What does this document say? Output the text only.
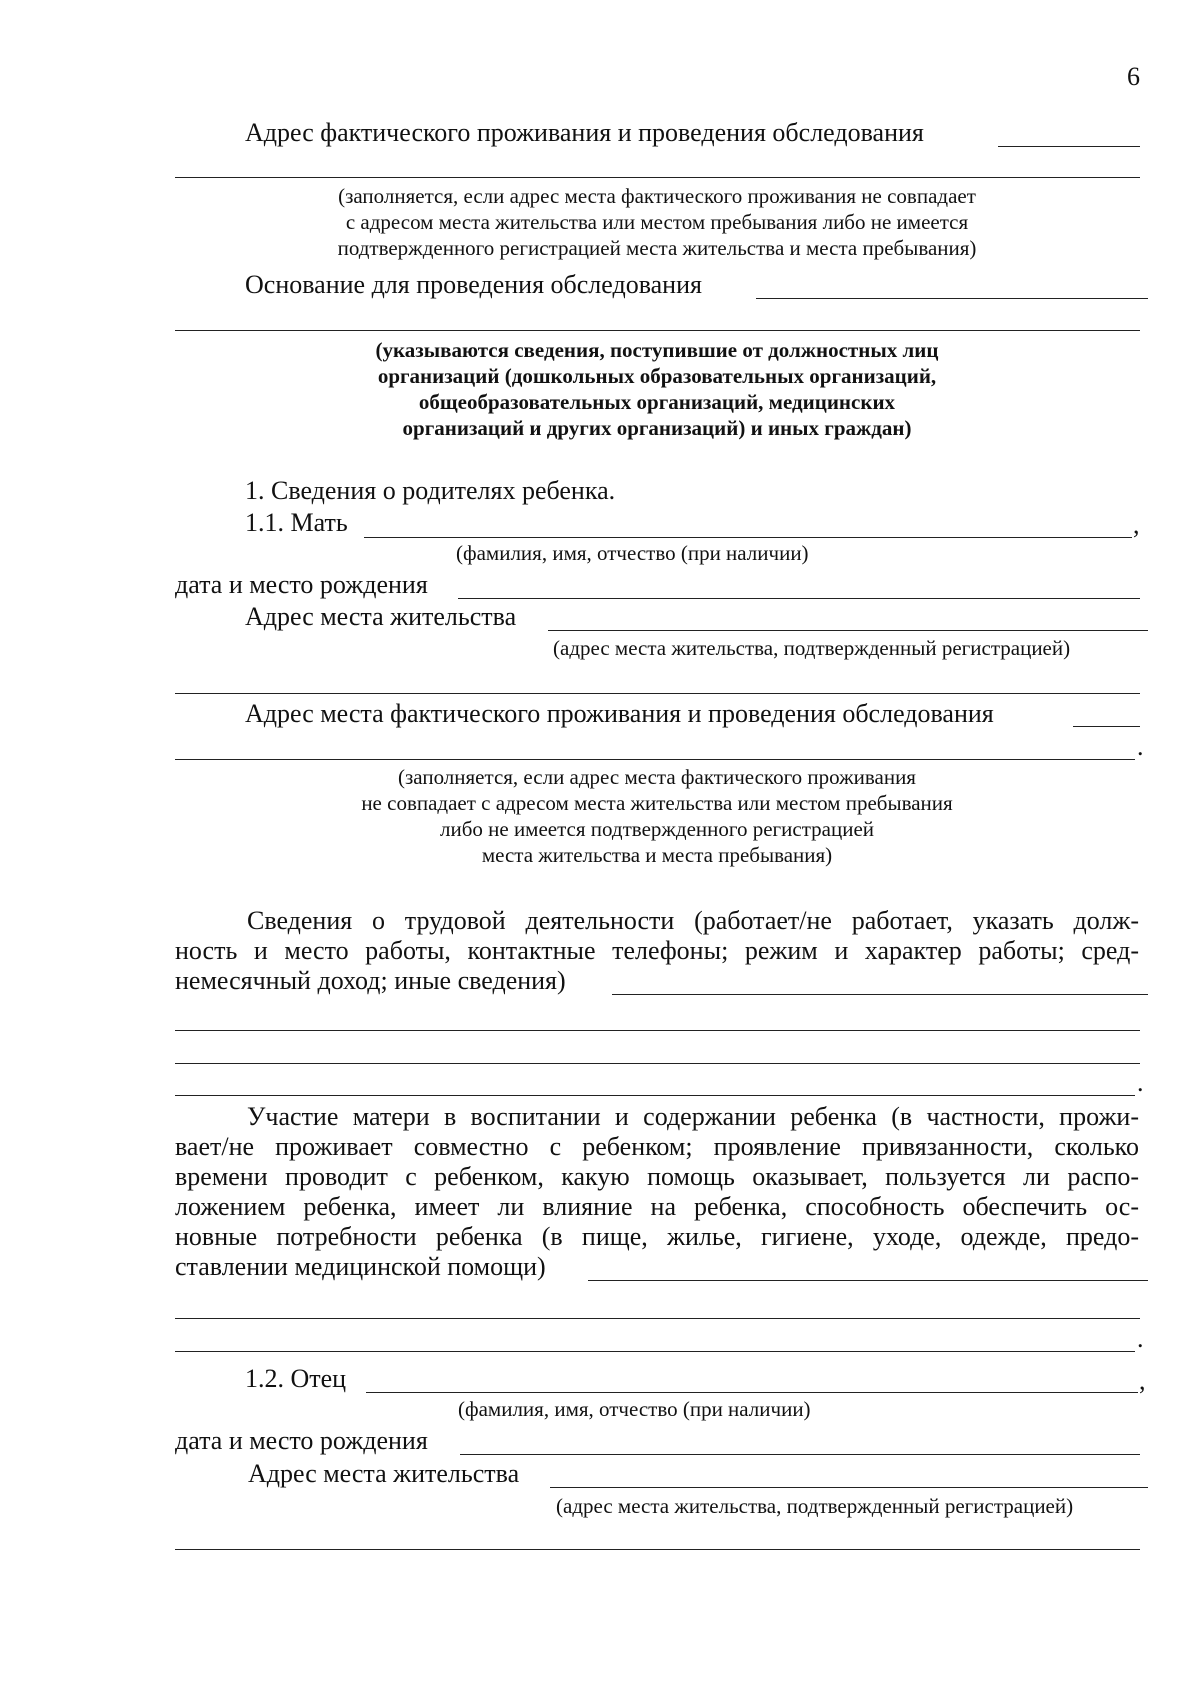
6
Адрес фактического проживания и проведения обследования
(заполняется, если адрес места фактического проживания не совпадает
с адресом места жительства или местом пребывания либо не имеется
подтвержденного регистрацией места жительства и места пребывания)
Основание для проведения обследования
(указываются сведения, поступившие от должностных лиц
организаций (дошкольных образовательных организаций,
общеобразовательных организаций, медицинских
организаций и других организаций) и иных граждан)
1. Сведения о родителях ребенка.
1.1. Мать	,
(фамилия, имя, отчество (при наличии)
дата и место рождения
Адрес места жительства
(адрес места жительства, подтвержденный регистрацией)
Адрес места фактического проживания и проведения обследования
.
(заполняется, если адрес места фактического проживания
не совпадает с адресом места жительства или местом пребывания
либо не имеется подтвержденного регистрацией
места жительства и места пребывания)
Сведения о трудовой деятельности (работает/не работает, указать долж-
ность и место работы, контактные телефоны; режим и характер работы; сред-
немесячный доход; иные сведения)
.
Участие матери в воспитании и содержании ребенка (в частности, прожи-
вает/не проживает совместно с ребенком; проявление привязанности, сколько
времени проводит с ребенком, какую помощь оказывает, пользуется ли распо-
ложением ребенка, имеет ли влияние на ребенка, способность обеспечить ос-
новные потребности ребенка (в пище, жилье, гигиене, уходе, одежде, предо-
ставлении медицинской помощи)
.
1.2. Отец	,
(фамилия, имя, отчество (при наличии)
дата и место рождения
Адрес места жительства
(адрес места жительства, подтвержденный регистрацией)
